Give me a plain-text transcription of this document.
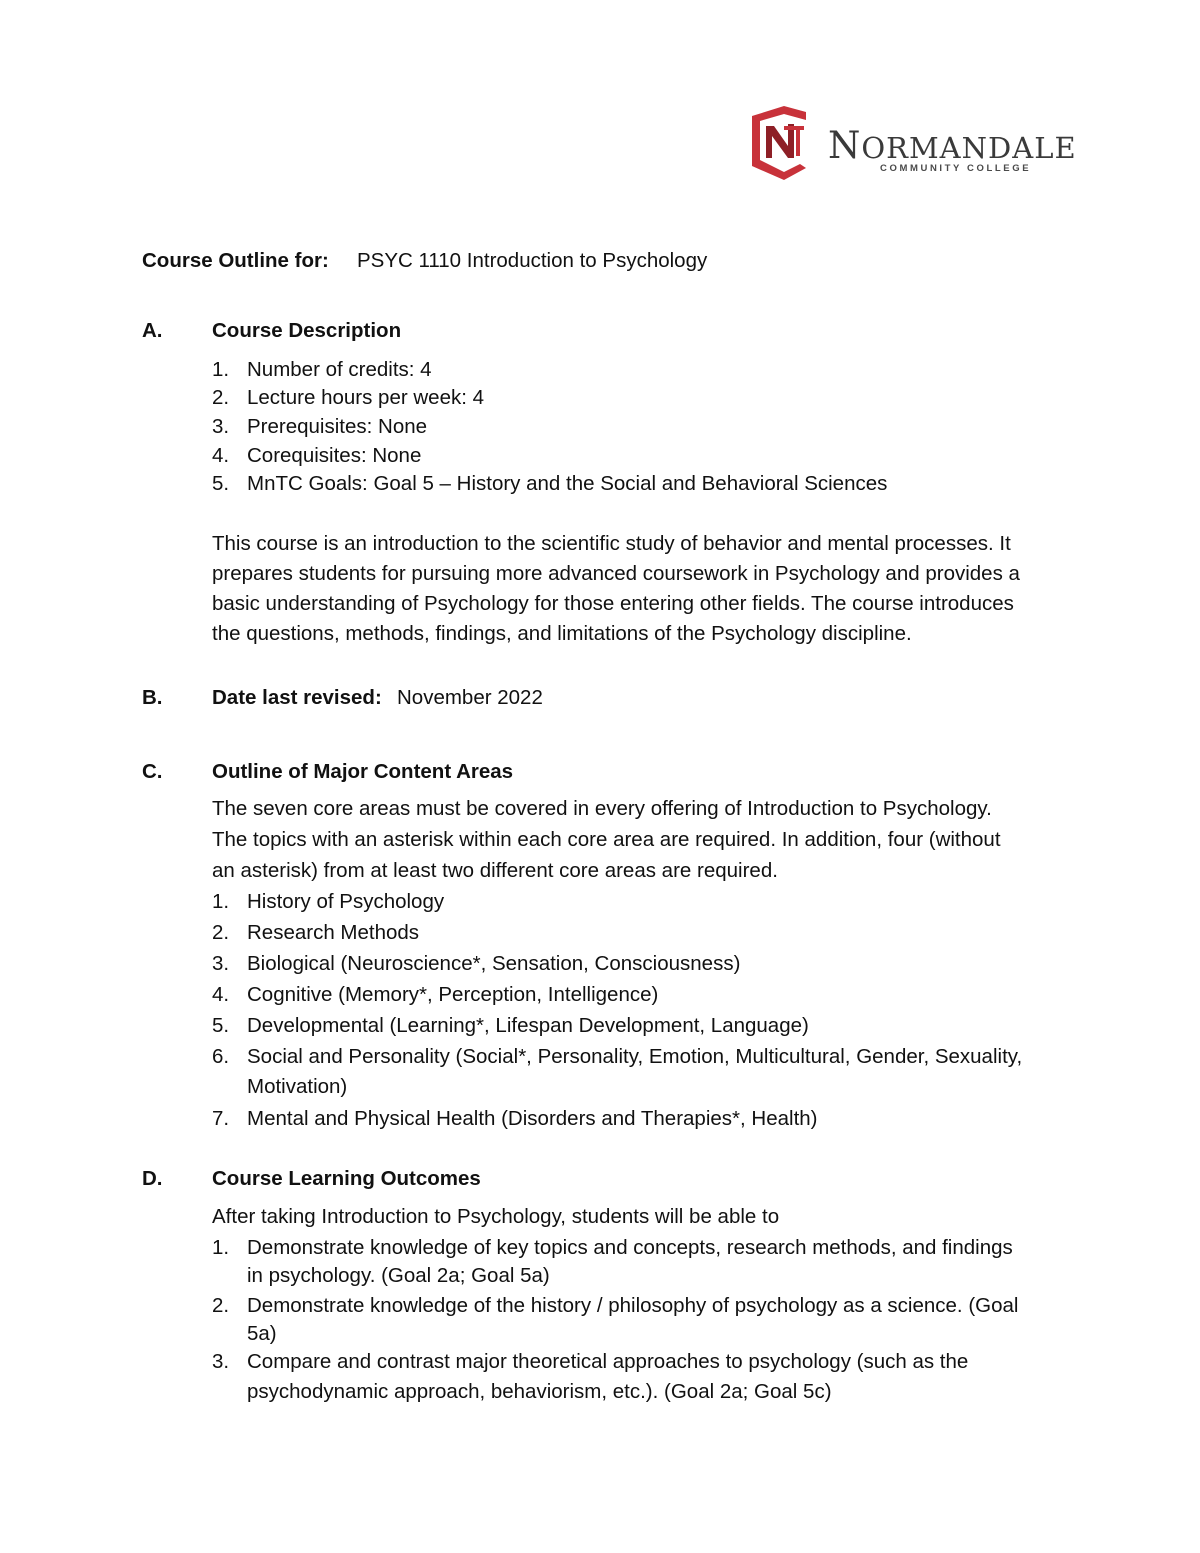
NORMANDALE
COMMUNITY COLLEGE
Course Outline for: PSYC 1110 Introduction to Psychology
A. Course Description
1. Number of credits: 4
2. Lecture hours per week: 4
3. Prerequisites: None
4. Corequisites: None
5. MnTC Goals: Goal 5 – History and the Social and Behavioral Sciences
This course is an introduction to the scientific study of behavior and mental processes. It
prepares students for pursuing more advanced coursework in Psychology and provides a
basic understanding of Psychology for those entering other fields. The course introduces
the questions, methods, findings, and limitations of the Psychology discipline.
B. Date last revised: November 2022
C. Outline of Major Content Areas
The seven core areas must be covered in every offering of Introduction to Psychology.
The topics with an asterisk within each core area are required. In addition, four (without
an asterisk) from at least two different core areas are required.
1. History of Psychology
2. Research Methods
3. Biological (Neuroscience*, Sensation, Consciousness)
4. Cognitive (Memory*, Perception, Intelligence)
5. Developmental (Learning*, Lifespan Development, Language)
6. Social and Personality (Social*, Personality, Emotion, Multicultural, Gender, Sexuality,
Motivation)
7. Mental and Physical Health (Disorders and Therapies*, Health)
D. Course Learning Outcomes
After taking Introduction to Psychology, students will be able to
1. Demonstrate knowledge of key topics and concepts, research methods, and findings
in psychology. (Goal 2a; Goal 5a)
2. Demonstrate knowledge of the history / philosophy of psychology as a science. (Goal
5a)
3. Compare and contrast major theoretical approaches to psychology (such as the
psychodynamic approach, behaviorism, etc.). (Goal 2a; Goal 5c)
